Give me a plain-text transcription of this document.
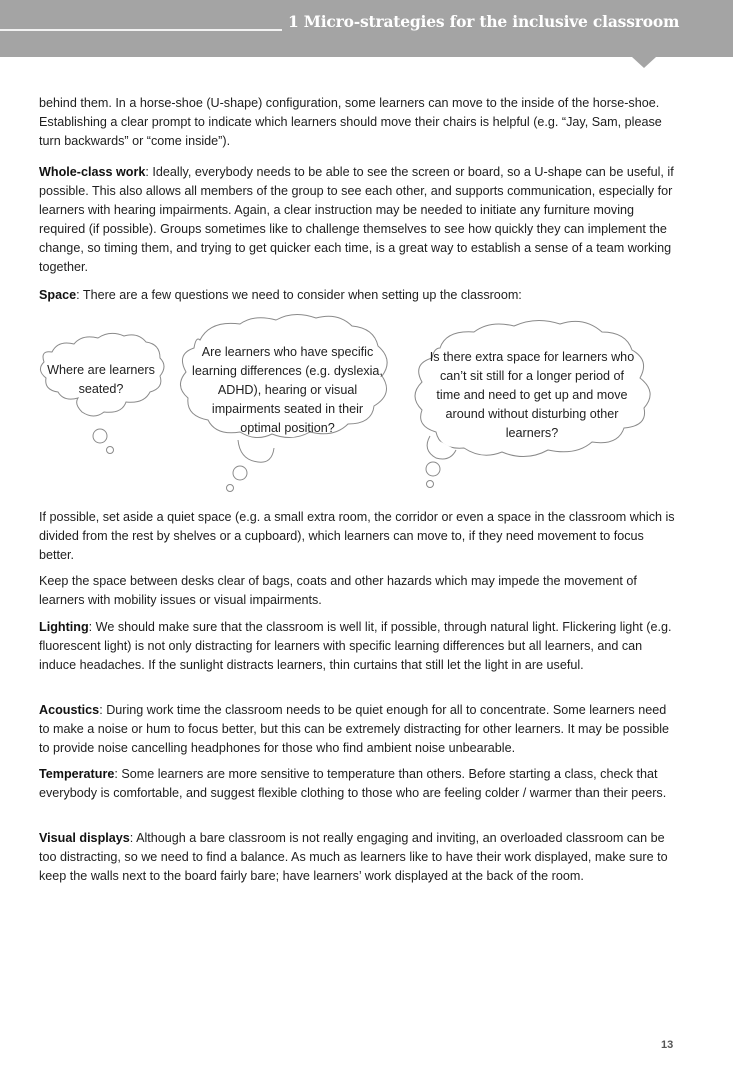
1 Micro-strategies for the inclusive classroom

behind them. In a horse-shoe (U-shape) configuration, some learners can move to the inside of the horse-shoe. Establishing a clear prompt to indicate which learners should move their chairs is helpful (e.g. “Jay, Sam, please turn backwards” or “come inside”).

Whole-class work: Ideally, everybody needs to be able to see the screen or board, so a U-shape can be useful, if possible. This also allows all members of the group to see each other, and supports communication, especially for learners with hearing impairments. Again, a clear instruction may be needed to initiate any furniture moving required (if possible). Groups sometimes like to challenge themselves to see how quickly they can implement the change, so timing them, and trying to get quicker each time, is a great way to establish a sense of a team working together.

Space: There are a few questions we need to consider when setting up the classroom:

Where are learners seated?
Are learners who have specific learning differences (e.g. dyslexia, ADHD), hearing or visual impairments seated in their optimal position?
Is there extra space for learners who can’t sit still for a longer period of time and need to get up and move around without disturbing other learners?

If possible, set aside a quiet space (e.g. a small extra room, the corridor or even a space in the classroom which is divided from the rest by shelves or a cupboard), which learners can move to, if they need movement to focus better.

Keep the space between desks clear of bags, coats and other hazards which may impede the movement of learners with mobility issues or visual impairments.

Lighting: We should make sure that the classroom is well lit, if possible, through natural light. Flickering light (e.g. fluorescent light) is not only distracting for learners with specific learning differences but all learners, and can induce headaches. If the sunlight distracts learners, thin curtains that still let the light in are useful.

Acoustics: During work time the classroom needs to be quiet enough for all to concentrate. Some learners need to make a noise or hum to focus better, but this can be extremely distracting for other learners. It may be possible to provide noise cancelling headphones for those who find ambient noise unbearable.

Temperature: Some learners are more sensitive to temperature than others. Before starting a class, check that everybody is comfortable, and suggest flexible clothing to those who are feeling colder / warmer than their peers.

Visual displays: Although a bare classroom is not really engaging and inviting, an overloaded classroom can be too distracting, so we need to find a balance. As much as learners like to have their work displayed, make sure to keep the walls next to the board fairly bare; have learners’ work displayed at the back of the room.

13
